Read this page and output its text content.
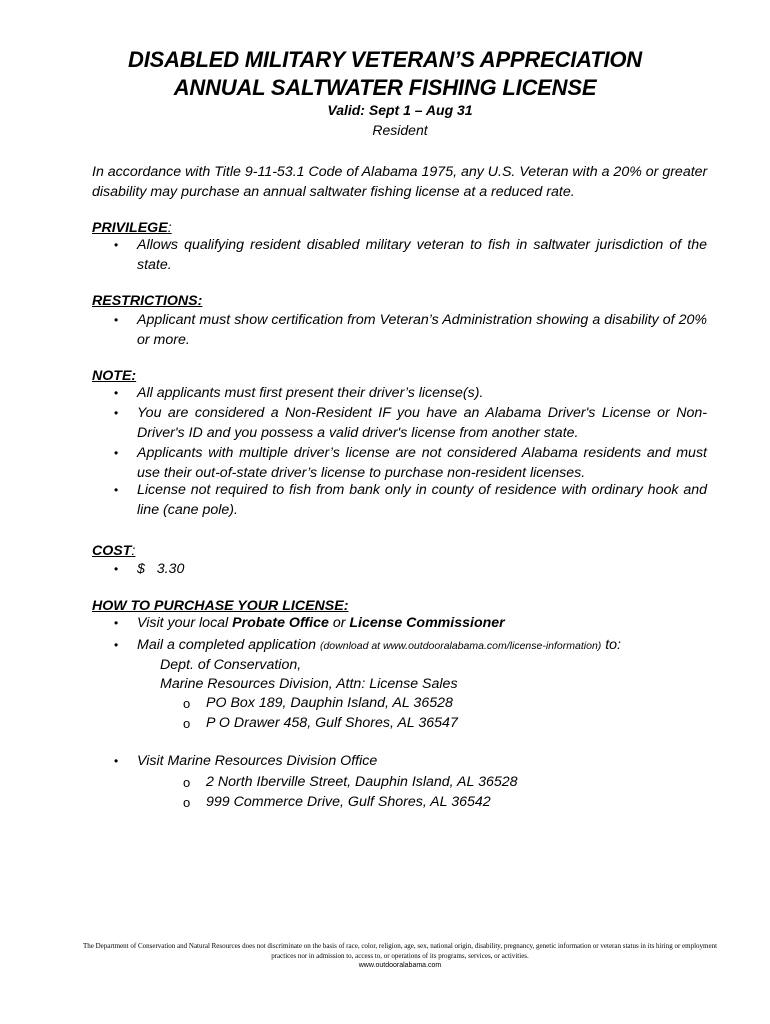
DISABLED MILITARY VETERAN’S APPRECIATION
ANNUAL SALTWATER FISHING LICENSE
Valid: Sept 1 – Aug 31
Resident
In accordance with Title 9-11-53.1 Code of Alabama 1975, any U.S. Veteran with a 20% or greater disability may purchase an annual saltwater fishing license at a reduced rate.
PRIVILEGE:
• Allows qualifying resident disabled military veteran to fish in saltwater jurisdiction of the state.
RESTRICTIONS:
• Applicant must show certification from Veteran’s Administration showing a disability of 20% or more.
NOTE:
• All applicants must first present their driver’s license(s).
• You are considered a Non-Resident IF you have an Alabama Driver's License or Non-Driver's ID and you possess a valid driver's license from another state.
• Applicants with multiple driver’s license are not considered Alabama residents and must use their out-of-state driver’s license to purchase non-resident licenses.
• License not required to fish from bank only in county of residence with ordinary hook and line (cane pole).
COST:
• $   3.30
HOW TO PURCHASE YOUR LICENSE:
• Visit your local Probate Office or License Commissioner
• Mail a completed application (download at www.outdooralabama.com/license-information) to:
Dept. of Conservation,
Marine Resources Division, Attn: License Sales
o PO Box 189, Dauphin Island, AL 36528
o P O Drawer 458, Gulf Shores, AL 36547
• Visit Marine Resources Division Office
o 2 North Iberville Street, Dauphin Island, AL 36528
o 999 Commerce Drive, Gulf Shores, AL 36542
The Department of Conservation and Natural Resources does not discriminate on the basis of race, color, religion, age, sex, national origin, disability, pregnancy, genetic information or veteran status in its hiring or employment
practices nor in admission to, access to, or operations of its programs, services, or activities.
www.outdooralabama.com
